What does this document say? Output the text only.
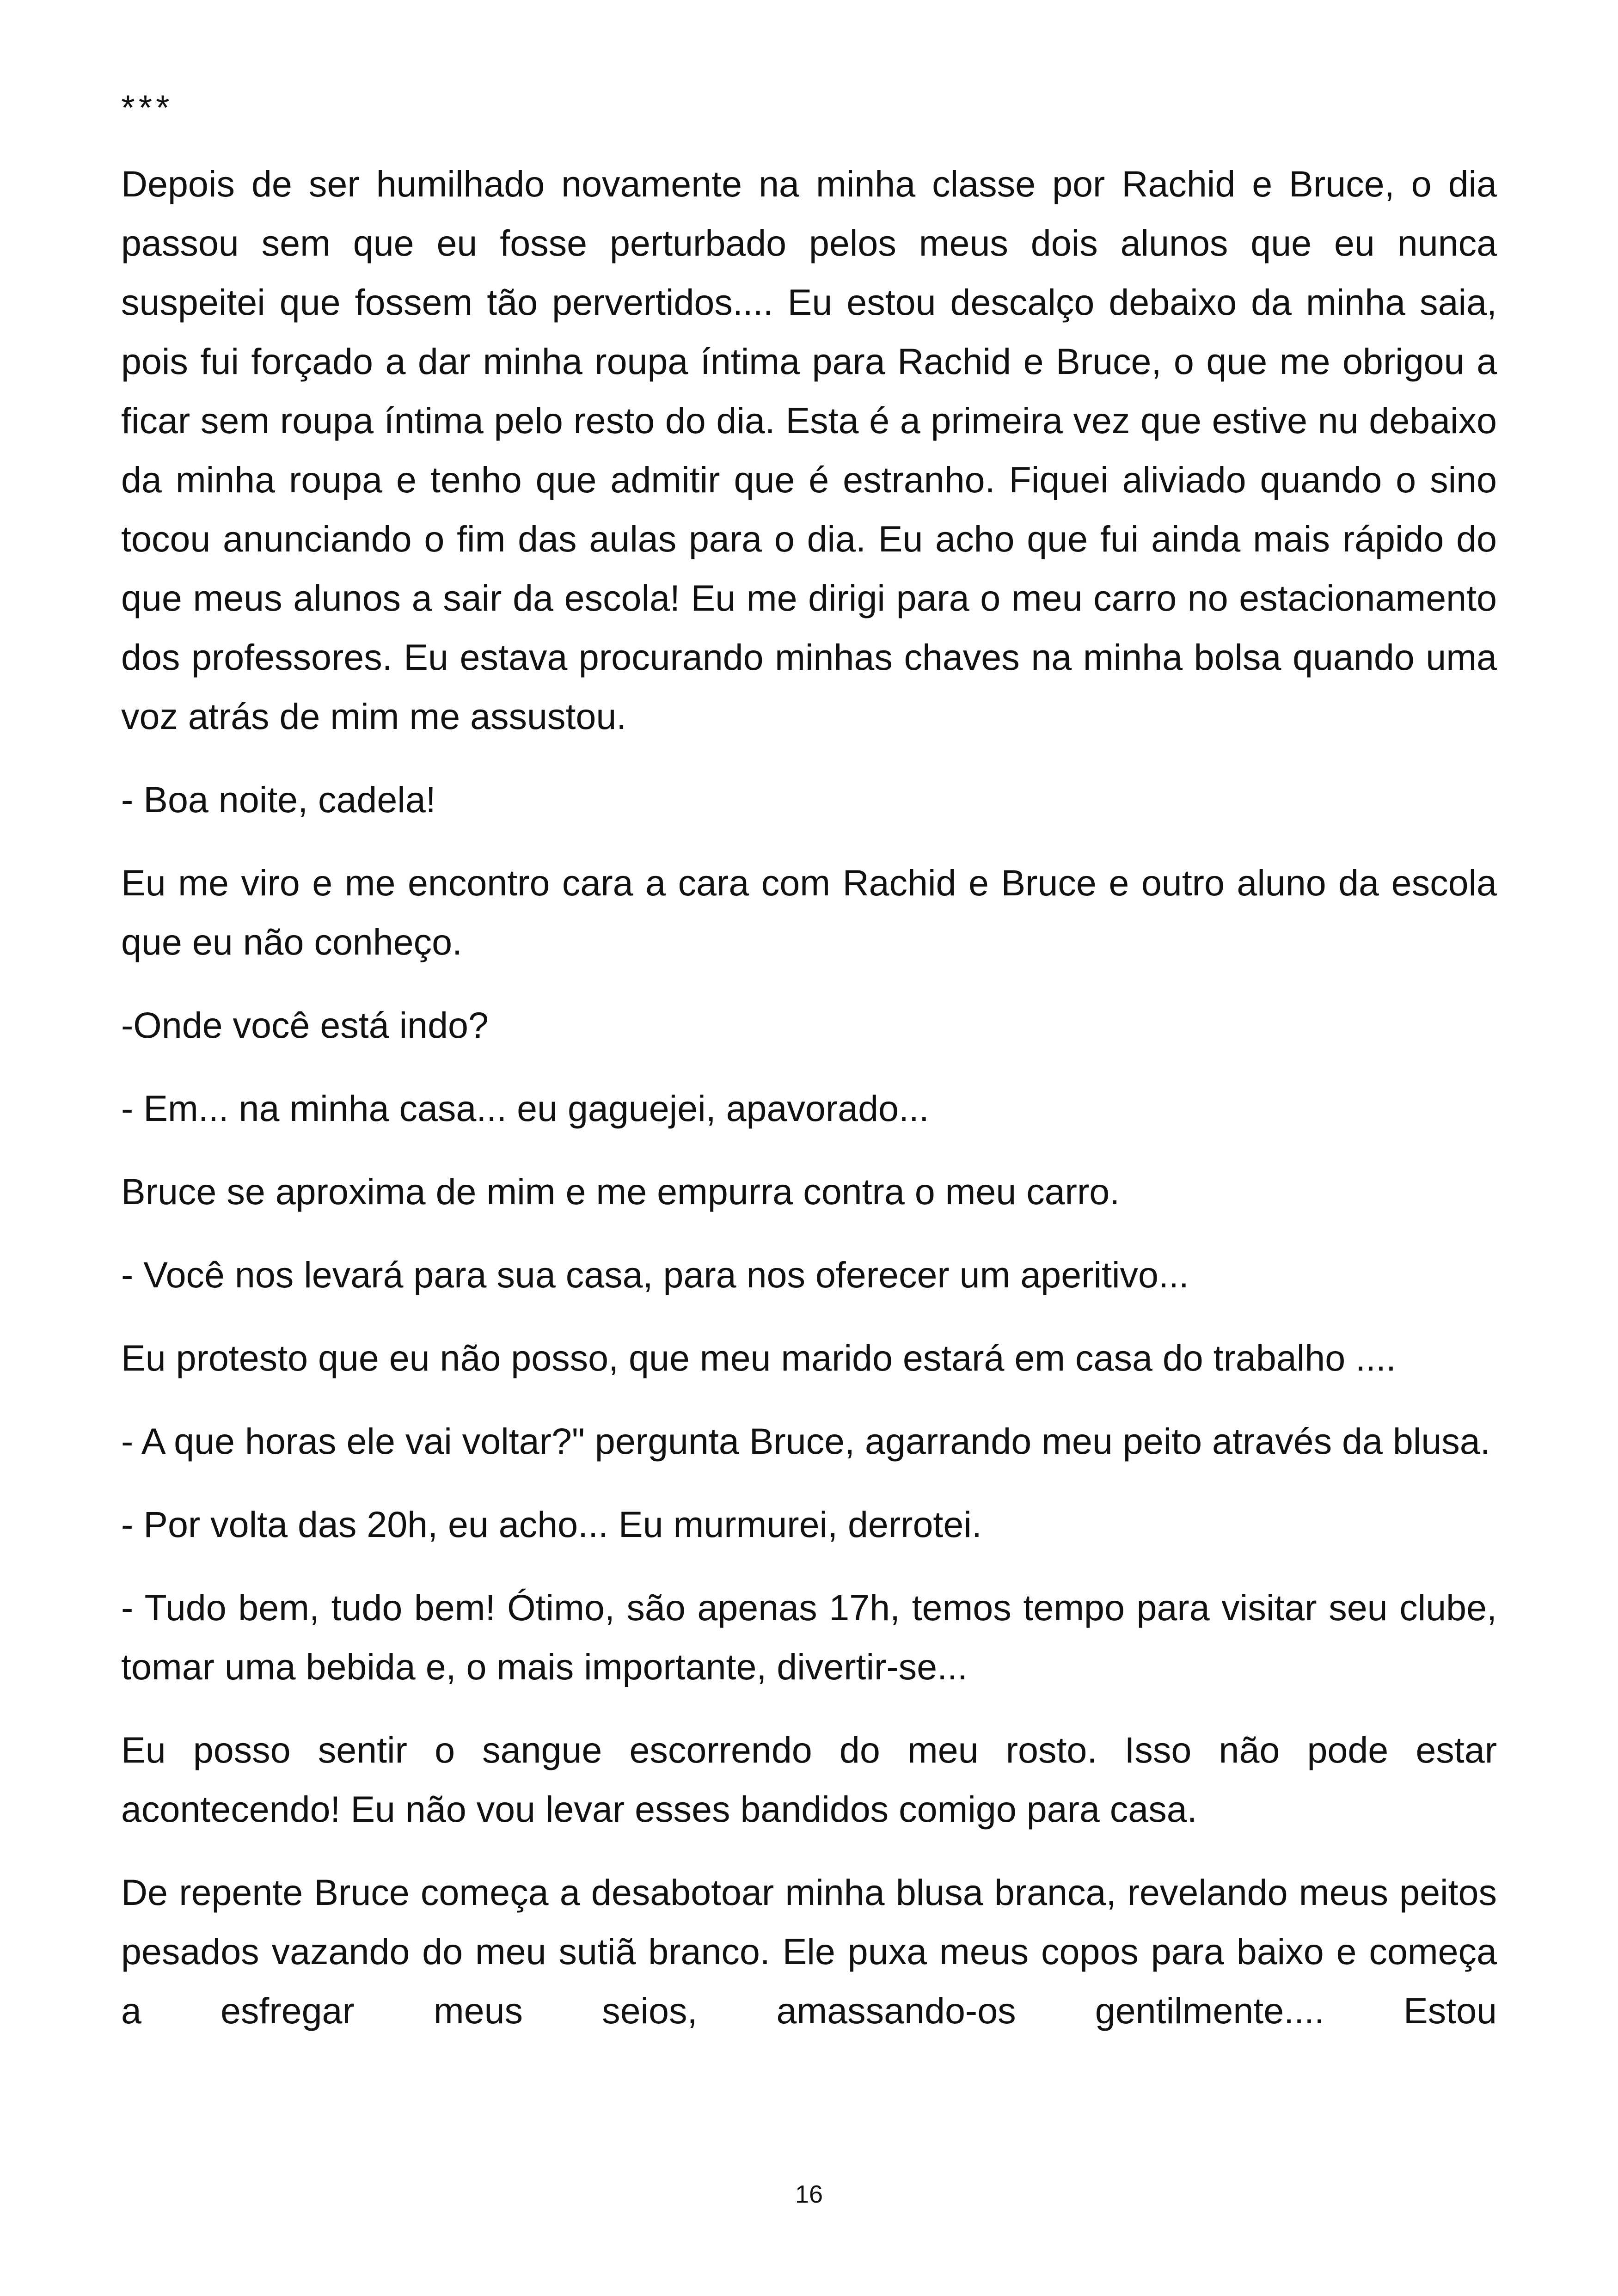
***

Depois de ser humilhado novamente na minha classe por Rachid e Bruce, o dia passou sem que eu fosse perturbado pelos meus dois alunos que eu nunca suspeitei que fossem tão pervertidos.... Eu estou descalço debaixo da minha saia, pois fui forçado a dar minha roupa íntima para Rachid e Bruce, o que me obrigou a ficar sem roupa íntima pelo resto do dia. Esta é a primeira vez que estive nu debaixo da minha roupa e tenho que admitir que é estranho. Fiquei aliviado quando o sino tocou anunciando o fim das aulas para o dia. Eu acho que fui ainda mais rápido do que meus alunos a sair da escola! Eu me dirigi para o meu carro no estacionamento dos professores. Eu estava procurando minhas chaves na minha bolsa quando uma voz atrás de mim me assustou.

- Boa noite, cadela!

Eu me viro e me encontro cara a cara com Rachid e Bruce e outro aluno da escola que eu não conheço.

-Onde você está indo?

- Em... na minha casa... eu gaguejei, apavorado...

Bruce se aproxima de mim e me empurra contra o meu carro.

- Você nos levará para sua casa, para nos oferecer um aperitivo...

Eu protesto que eu não posso, que meu marido estará em casa do trabalho ....

- A que horas ele vai voltar?" pergunta Bruce, agarrando meu peito através da blusa.

- Por volta das 20h, eu acho... Eu murmurei, derrotei.

- Tudo bem, tudo bem! Ótimo, são apenas 17h, temos tempo para visitar seu clube, tomar uma bebida e, o mais importante, divertir-se...

Eu posso sentir o sangue escorrendo do meu rosto. Isso não pode estar acontecendo! Eu não vou levar esses bandidos comigo para casa.

De repente Bruce começa a desabotoar minha blusa branca, revelando meus peitos pesados vazando do meu sutiã branco. Ele puxa meus copos para baixo e começa a esfregar meus seios, amassando-os gentilmente.... Estou

16
